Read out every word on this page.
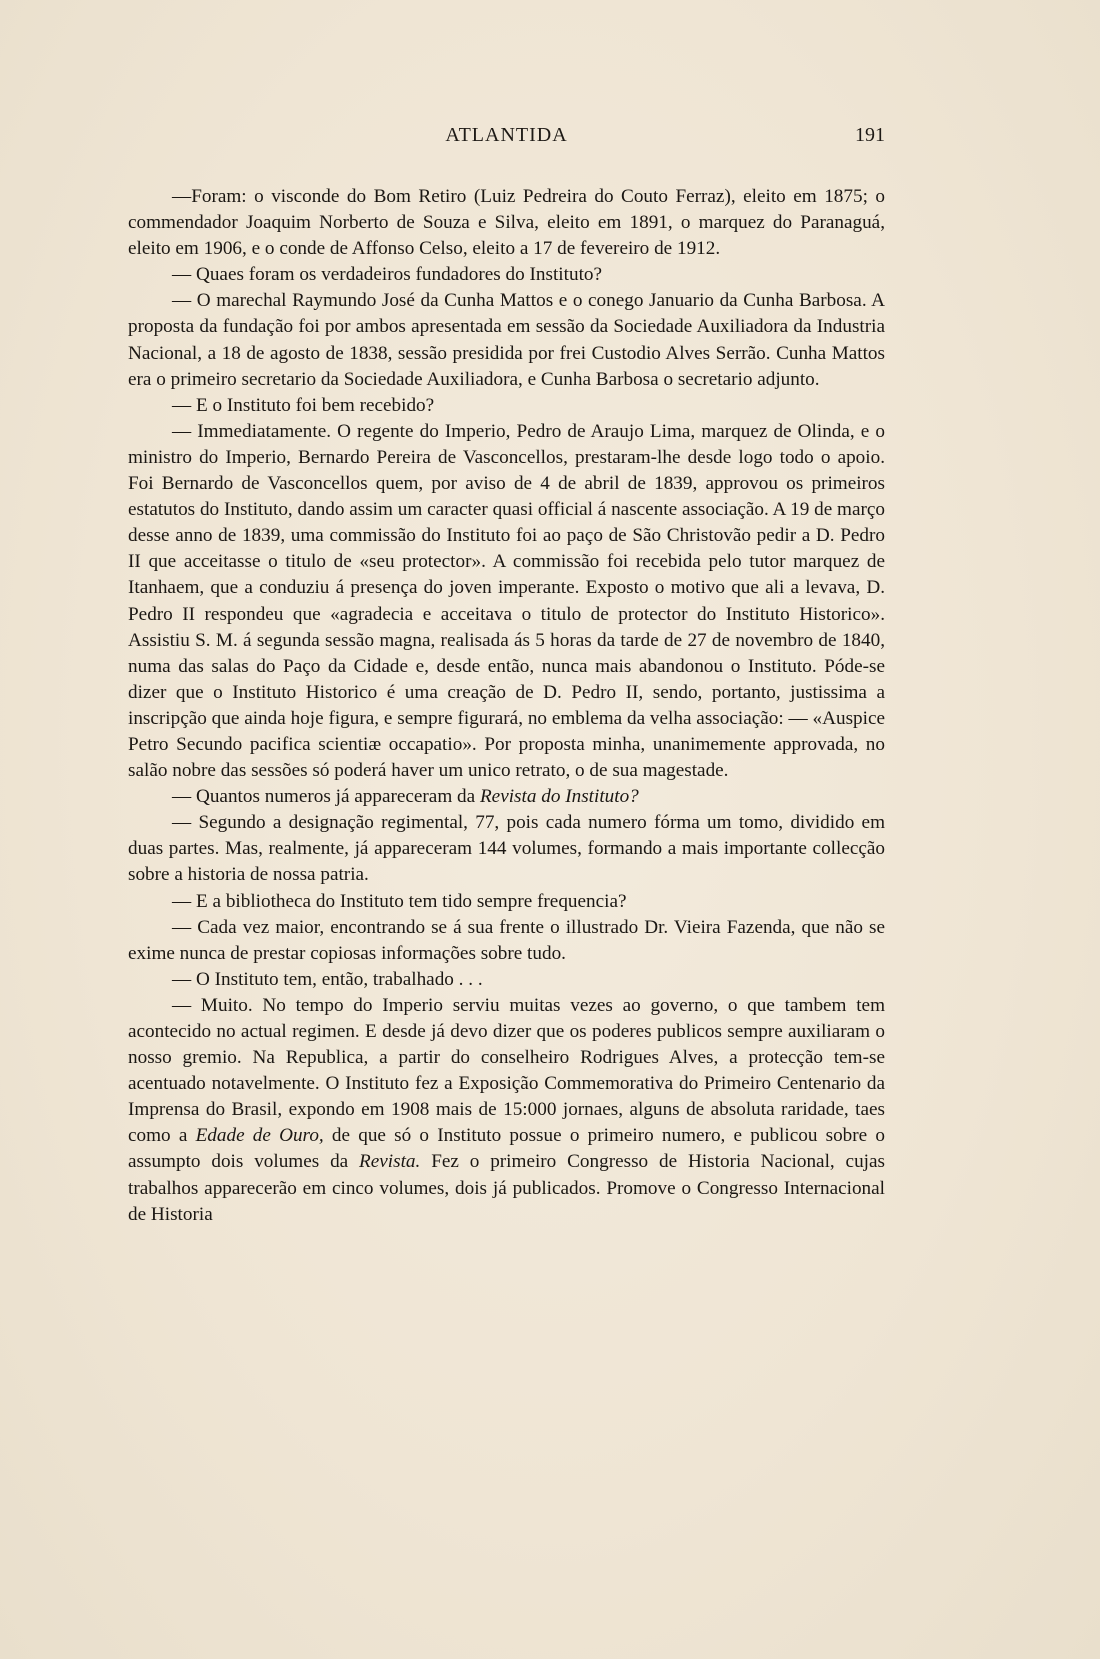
ATLANTIDA	191

—Foram: o visconde do Bom Retiro (Luiz Pedreira do Couto Ferraz), eleito em 1875; o commendador Joaquim Norberto de Souza e Silva, eleito em 1891, o marquez do Paranaguá, eleito em 1906, e o conde de Affonso Celso, eleito a 17 de fevereiro de 1912.

— Quaes foram os verdadeiros fundadores do Instituto?

— O marechal Raymundo José da Cunha Mattos e o conego Januario da Cunha Barbosa. A proposta da fundação foi por ambos apresentada em sessão da Sociedade Auxiliadora da Industria Nacional, a 18 de agosto de 1838, sessão presidida por frei Custodio Alves Serrão. Cunha Mattos era o primeiro secretario da Sociedade Auxiliadora, e Cunha Barbosa o secretario adjunto.

— E o Instituto foi bem recebido?

— Immediatamente. O regente do Imperio, Pedro de Araujo Lima, marquez de Olinda, e o ministro do Imperio, Bernardo Pereira de Vasconcellos, prestaram-lhe desde logo todo o apoio. Foi Bernardo de Vasconcellos quem, por aviso de 4 de abril de 1839, approvou os primeiros estatutos do Instituto, dando assim um caracter quasi official á nascente associação. A 19 de março desse anno de 1839, uma commissão do Instituto foi ao paço de São Christovão pedir a D. Pedro II que acceitasse o titulo de «seu protector». A commissão foi recebida pelo tutor marquez de Itanhaem, que a conduziu á presença do joven imperante. Exposto o motivo que ali a levava, D. Pedro II respondeu que «agradecia e acceitava o titulo de protector do Instituto Historico». Assistiu S. M. á segunda sessão magna, realisada ás 5 horas da tarde de 27 de novembro de 1840, numa das salas do Paço da Cidade e, desde então, nunca mais abandonou o Instituto. Póde-se dizer que o Instituto Historico é uma creação de D. Pedro II, sendo, portanto, justissima a inscripção que ainda hoje figura, e sempre figurará, no emblema da velha associação: — «Auspice Petro Secundo pacifica scientiæ occapatio». Por proposta minha, unanimemente approvada, no salão nobre das sessões só poderá haver um unico retrato, o de sua magestade.

— Quantos numeros já appareceram da Revista do Instituto?

— Segundo a designação regimental, 77, pois cada numero fórma um tomo, dividido em duas partes. Mas, realmente, já appareceram 144 volumes, formando a mais importante collecção sobre a historia de nossa patria.

— E a bibliotheca do Instituto tem tido sempre frequencia?

— Cada vez maior, encontrando se á sua frente o illustrado Dr. Vieira Fazenda, que não se exime nunca de prestar copiosas informações sobre tudo.

— O Instituto tem, então, trabalhado . . .

— Muito. No tempo do Imperio serviu muitas vezes ao governo, o que tambem tem acontecido no actual regimen. E desde já devo dizer que os poderes publicos sempre auxiliaram o nosso gremio. Na Republica, a partir do conselheiro Rodrigues Alves, a protecção tem-se acentuado notavelmente. O Instituto fez a Exposição Commemorativa do Primeiro Centenario da Imprensa do Brasil, expondo em 1908 mais de 15:000 jornaes, alguns de absoluta raridade, taes como a Edade de Ouro, de que só o Instituto possue o primeiro numero, e publicou sobre o assumpto dois volumes da Revista. Fez o primeiro Congresso de Historia Nacional, cujas trabalhos apparecerão em cinco volumes, dois já publicados. Promove o Congresso Internacional de Historia
